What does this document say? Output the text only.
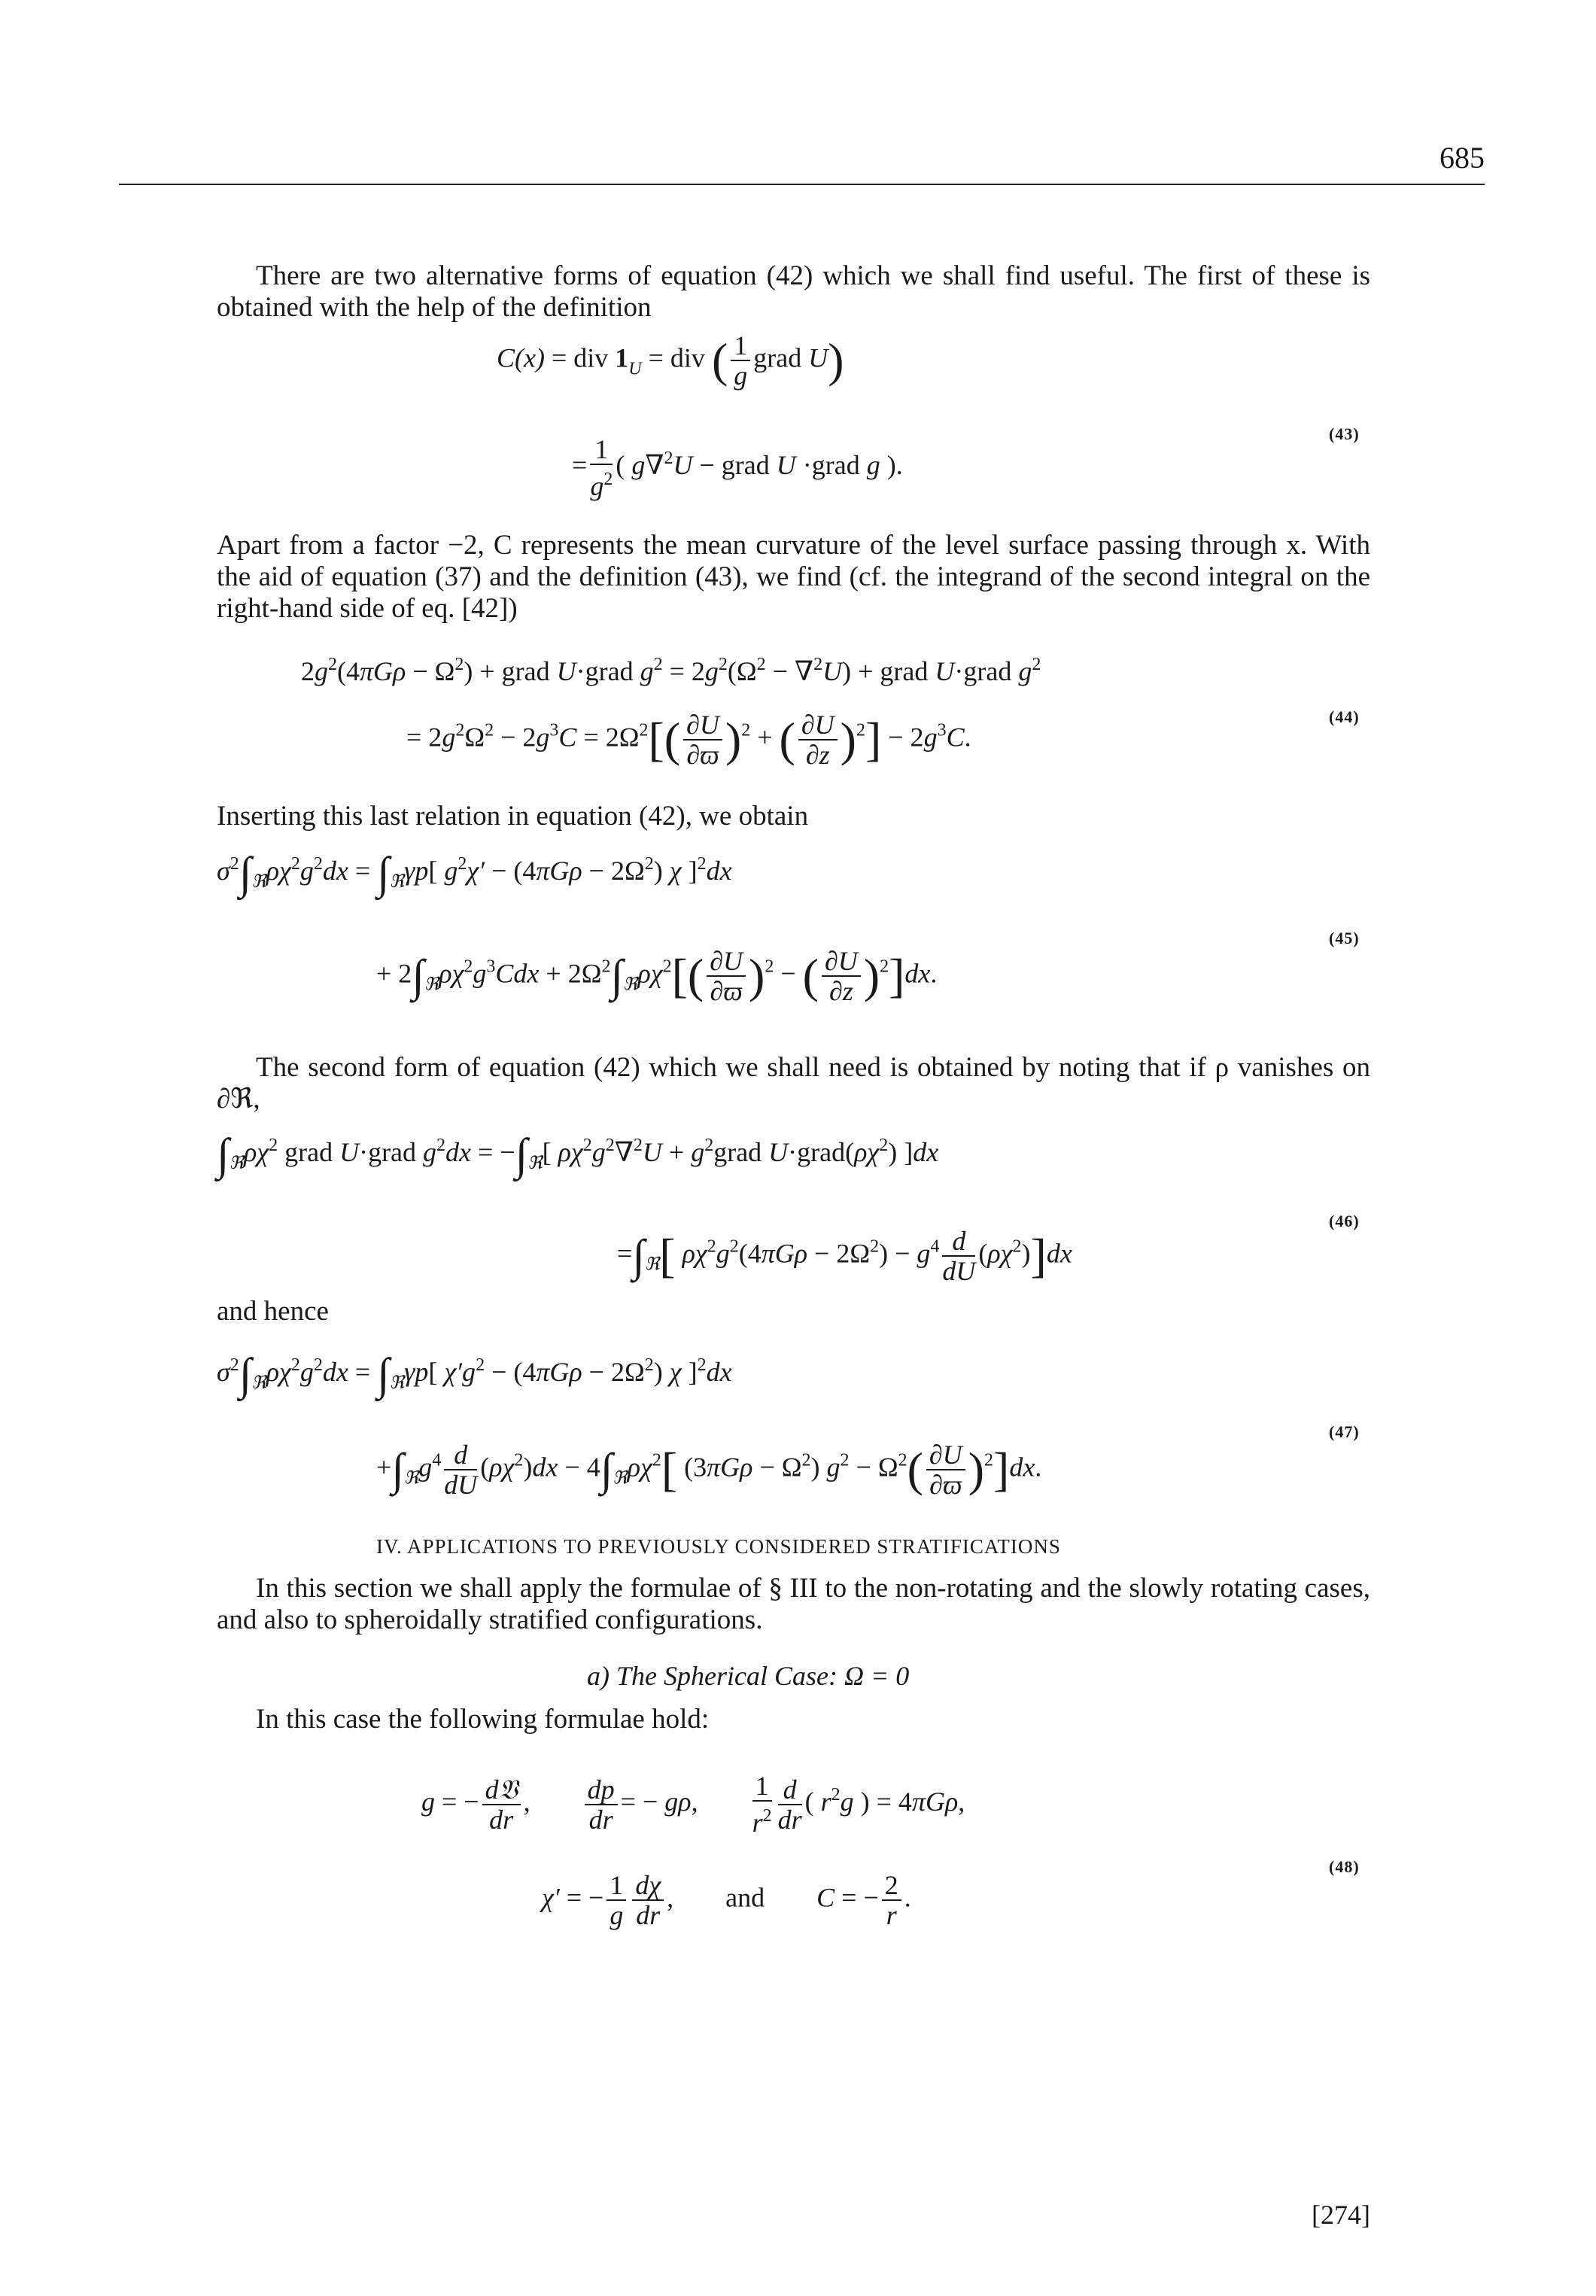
685
There are two alternative forms of equation (42) which we shall find useful. The first of these is obtained with the help of the definition
C(x) = div $1_U$ = div ( $\frac{1}{g}$ grad U)
= $\frac{1}{g^2}$ ( g∇$^2$U − grad U ·grad g ).
(43)
Apart from a factor −2, C represents the mean curvature of the level surface passing through x. With the aid of equation (37) and the definition (43), we find (cf. the integrand of the second integral on the right-hand side of eq. [42])
$2g^2(4\pi G\rho - \Omega^2)$ + grad U·grad $g^2 = 2g^2(\Omega^2 - \nabla^2U)$ + grad U·grad $g^2$
= $2g^2\Omega^2 - 2g^3C = 2\Omega^2[( \frac{\partial U}{\partial ϖ} )^2$ + ( $\frac{\partial U}{\partial z} )^2] - 2g^3C$.
(44)
Inserting this last relation in equation (42), we obtain
$\sigma^2\int_ℜ\rho\chi^2g^2dx = \int_ℜ\gamma p$[ $g^2\chi' - (4\pi G\rho - 2\Omega^2)$ χ ]$^2$dx
+ $2\int_ℜ\rho\chi^2g^3Cdx + 2\Omega^2\int_ℜ\rho\chi^2[( \frac{\partial U}{\partial ϖ} )^2$ − ( $\frac{\partial U}{\partial z} )^2]dx$.
(45)
The second form of equation (42) which we shall need is obtained by noting that if ρ vanishes on ∂ℜ,
$\int_ℜ\rho\chi^2$ grad U·grad $g^2dx = -\int_ℜ$[ $\rho\chi^2g^2\nabla^2U$ + $g^2grad$ $U\cdot grad(\rho\chi^2)$ ]dx
$=\int_ℜ$[ $\rho\chi^2g^2(4\pi G\rho - 2\Omega^2) - g^4 \frac{d}{dU} (\rho\chi^2)]dx$
(46)
and hence
$\sigma^2\int_ℜ\rho\chi^2g^2dx = \int_ℜ\gamma p$[ $\chi'g^2 - (4\pi G\rho - 2\Omega^2)$ χ ]$^2$dx
$+\int_ℜg^4 \frac{d}{dU} (\rho\chi^2)dx - 4\int_ℜ\rho\chi^2$[ $(3\pi G\rho - \Omega^2)$ $g^2 - \Omega^2( \frac{\partial U}{\partial ϖ} )^2]dx$.
(47)
IV. APPLICATIONS TO PREVIOUSLY CONSIDERED STRATIFICATIONS
In this section we shall apply the formulae of § III to the non-rotating and the slowly rotating cases, and also to spheroidally stratified configurations.
a) The Spherical Case: Ω = 0
In this case the following formulae hold:
g = − $\frac{\text{d𝔙}}{dr}$ , $\frac{dp}{dr}$ = − gρ, $\frac{1}{r^2} \frac{d}{dr}$ ( $r^2g$ ) = 4πGρ,
χ′ = − $\frac{1}{g} \frac{d\chi}{dr}$ , and C = − $\frac{2}{r}$ .
(48)
[274]
